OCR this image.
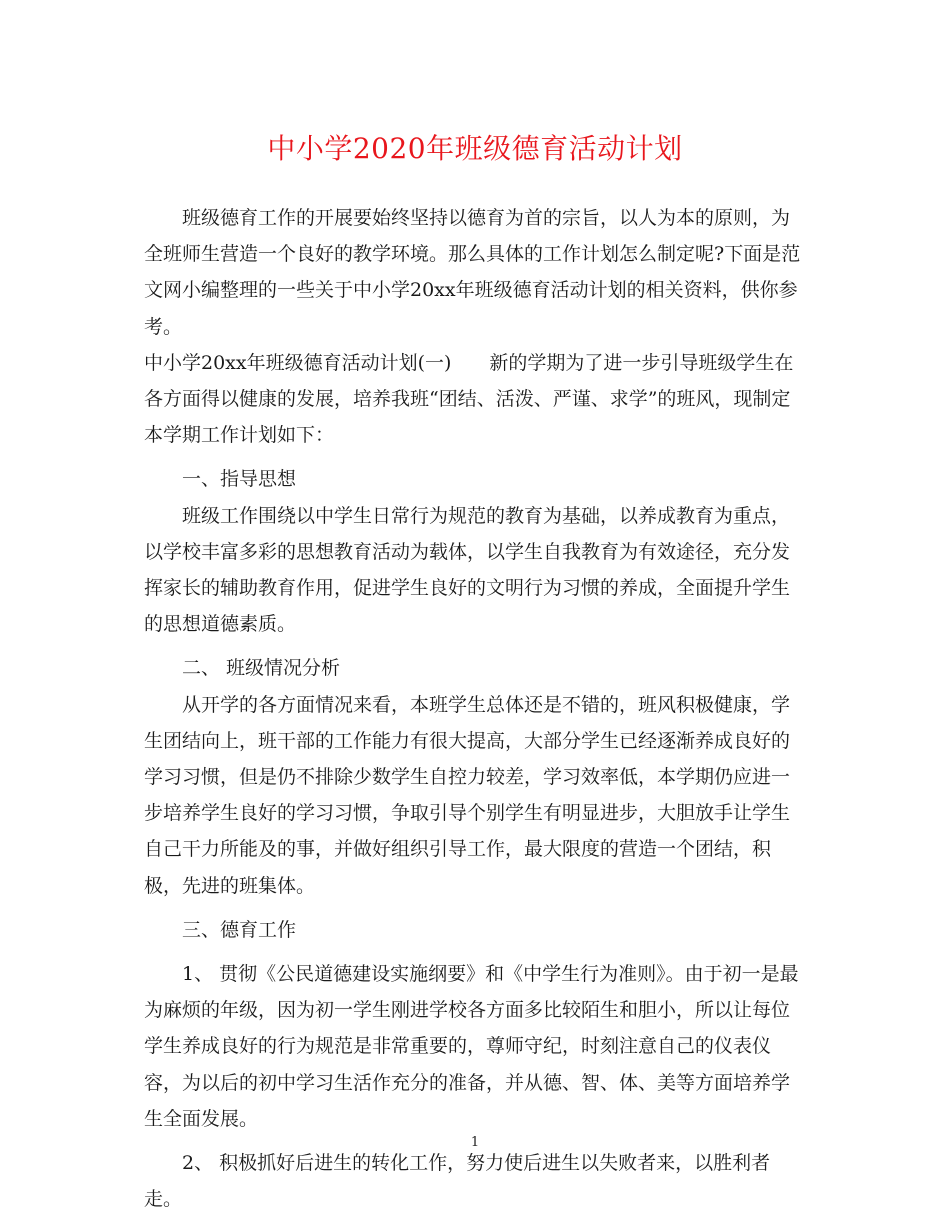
中小学2020年班级德育活动计划

班级德育工作的开展要始终坚持以德育为首的宗旨，以人为本的原则，为全班师生营造一个良好的教学环境。那么具体的工作计划怎么制定呢?下面是范文网小编整理的一些关于中小学20xx年班级德育活动计划的相关资料，供你参考。

中小学20xx年班级德育活动计划(一)　　新的学期为了进一步引导班级学生在各方面得以健康的发展，培养我班“团结、活泼、严谨、求学”的班风，现制定本学期工作计划如下：

一、指导思想

班级工作围绕以中学生日常行为规范的教育为基础，以养成教育为重点，以学校丰富多彩的思想教育活动为载体，以学生自我教育为有效途径，充分发挥家长的辅助教育作用，促进学生良好的文明行为习惯的养成，全面提升学生的思想道德素质。

二、 班级情况分析

从开学的各方面情况来看，本班学生总体还是不错的，班风积极健康，学生团结向上，班干部的工作能力有很大提高，大部分学生已经逐渐养成良好的学习习惯，但是仍不排除少数学生自控力较差，学习效率低，本学期仍应进一步培养学生良好的学习习惯，争取引导个别学生有明显进步，大胆放手让学生自己干力所能及的事，并做好组织引导工作，最大限度的营造一个团结，积极，先进的班集体。

三、德育工作

1、 贯彻《公民道德建设实施纲要》和《中学生行为准则》。由于初一是最为麻烦的年级，因为初一学生刚进学校各方面多比较陌生和胆小，所以让每位学生养成良好的行为规范是非常重要的，尊师守纪，时刻注意自己的仪表仪容，为以后的初中学习生活作充分的准备，并从德、智、体、美等方面培养学生全面发展。

2、 积极抓好后进生的转化工作，努力使后进生以失败者来，以胜利者走。

1
